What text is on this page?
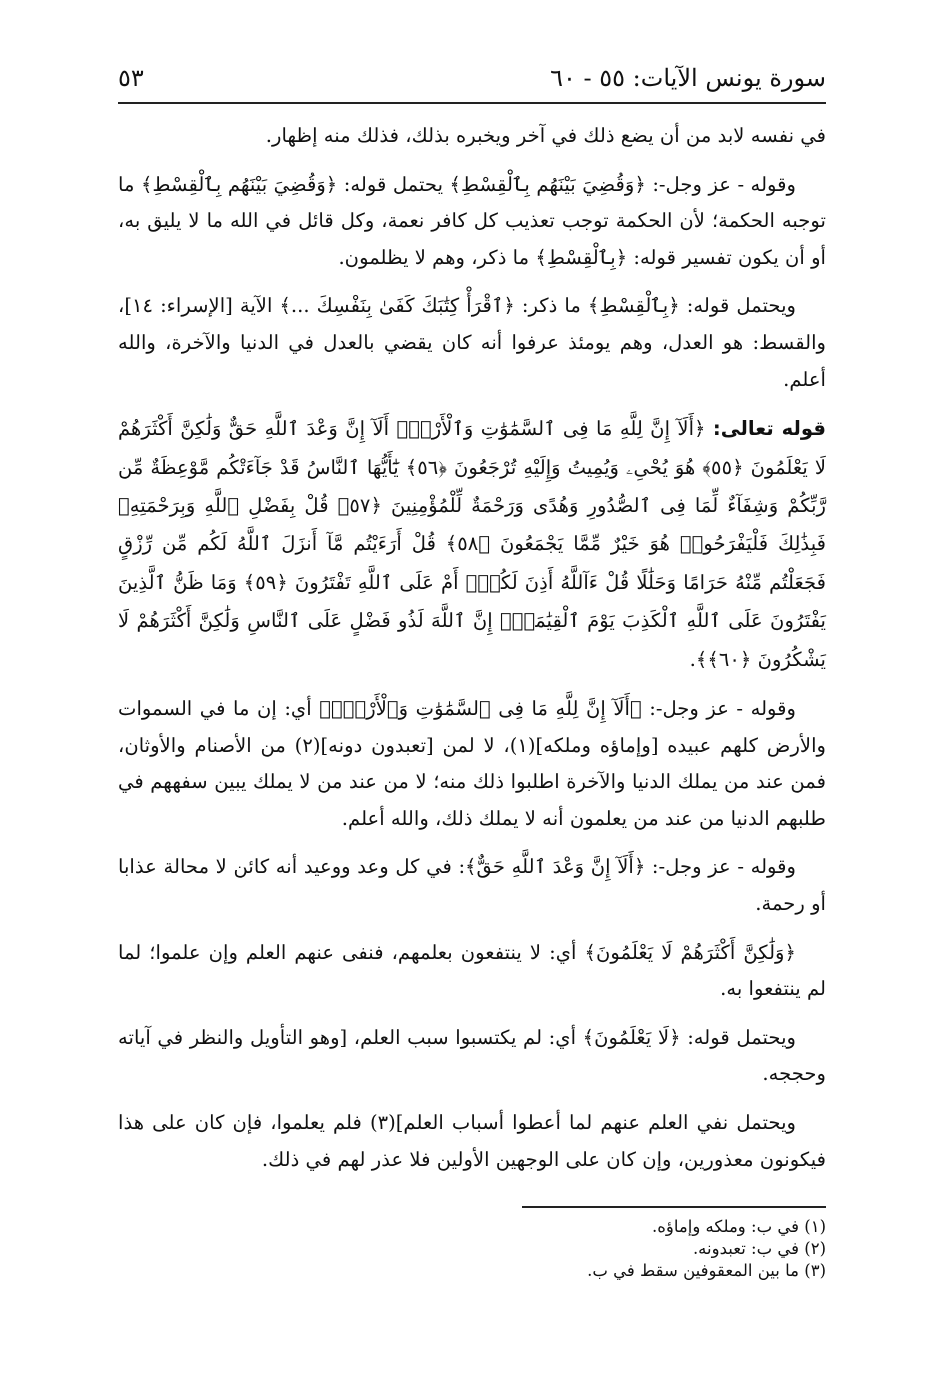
سورة يونس الآيات: ٥٥ - ٦٠
٥٣

في نفسه لابد من أن يضع ذلك في آخر ويخبره بذلك، فذلك منه إظهار.

وقوله - عز وجل-: ﴿وَقُضِيَ بَيْنَهُم بِٱلْقِسْطِ﴾ يحتمل قوله: ﴿وَقُضِيَ بَيْنَهُم بِٱلْقِسْطِ﴾ ما توجبه الحكمة؛ لأن الحكمة توجب تعذيب كل كافر نعمة، وكل قائل في الله ما لا يليق به، أو أن يكون تفسير قوله: ﴿بِٱلْقِسْطِ﴾ ما ذكر، وهم لا يظلمون.

ويحتمل قوله: ﴿بِٱلْقِسْطِ﴾ ما ذكر: ﴿ٱقْرَأْ كِتَٰبَكَ كَفَىٰ بِنَفْسِكَ ...﴾ الآية [الإسراء: ١٤]، والقسط: هو العدل، وهم يومئذ عرفوا أنه كان يقضي بالعدل في الدنيا والآخرة، والله أعلم.

قوله تعالى: ﴿أَلَآ إِنَّ لِلَّهِ مَا فِى ٱلسَّمَٰوَٰتِ وَٱلْأَرْضِۗ أَلَآ إِنَّ وَعْدَ ٱللَّهِ حَقٌّ وَلَٰكِنَّ أَكْثَرَهُمْ لَا يَعْلَمُونَ ﴿٥٥﴾ هُوَ يُحْىِۦ وَيُمِيتُ وَإِلَيْهِ تُرْجَعُونَ ﴿٥٦﴾ يَٰٓأَيُّهَا ٱلنَّاسُ قَدْ جَآءَتْكُم مَّوْعِظَةٌ مِّن رَّبِّكُمْ وَشِفَآءٌ لِّمَا فِى ٱلصُّدُورِ وَهُدًى وَرَحْمَةٌ لِّلْمُؤْمِنِينَ ﴿٥٧﴾ قُلْ بِفَضْلِ ٱللَّهِ وَبِرَحْمَتِهِۦ فَبِذَٰلِكَ فَلْيَفْرَحُوا۟ هُوَ خَيْرٌ مِّمَّا يَجْمَعُونَ ﴿٥٨﴾ قُلْ أَرَءَيْتُم مَّآ أَنزَلَ ٱللَّهُ لَكُم مِّن رِّزْقٍ فَجَعَلْتُم مِّنْهُ حَرَامًا وَحَلَٰلًا قُلْ ءَآللَّهُ أَذِنَ لَكُمْۖ أَمْ عَلَى ٱللَّهِ تَفْتَرُونَ ﴿٥٩﴾ وَمَا ظَنُّ ٱلَّذِينَ يَفْتَرُونَ عَلَى ٱللَّهِ ٱلْكَذِبَ يَوْمَ ٱلْقِيَٰمَةِۗ إِنَّ ٱللَّهَ لَذُو فَضْلٍ عَلَى ٱلنَّاسِ وَلَٰكِنَّ أَكْثَرَهُمْ لَا يَشْكُرُونَ ﴿٦٠﴾﴾.

وقوله - عز وجل-: ﴿أَلَآ إِنَّ لِلَّهِ مَا فِى ٱلسَّمَٰوَٰتِ وَٱلْأَرْضِۗ﴾ أي: إن ما في السموات والأرض كلهم عبيده [وإماؤه وملكه](١)، لا لمن [تعبدون دونه](٢) من الأصنام والأوثان، فمن عند من يملك الدنيا والآخرة اطلبوا ذلك منه؛ لا من عند من لا يملك يبين سفههم في طلبهم الدنيا من عند من يعلمون أنه لا يملك ذلك، والله أعلم.

وقوله - عز وجل-: ﴿أَلَآ إِنَّ وَعْدَ ٱللَّهِ حَقٌّ﴾: في كل وعد ووعيد أنه كائن لا محالة عذابا أو رحمة.

﴿وَلَٰكِنَّ أَكْثَرَهُمْ لَا يَعْلَمُونَ﴾ أي: لا ينتفعون بعلمهم، فنفى عنهم العلم وإن علموا؛ لما لم ينتفعوا به.

ويحتمل قوله: ﴿لَا يَعْلَمُونَ﴾ أي: لم يكتسبوا سبب العلم، [وهو التأويل والنظر في آياته وحججه.

ويحتمل نفي العلم عنهم لما أعطوا أسباب العلم](٣) فلم يعلموا، فإن كان على هذا فيكونون معذورين، وإن كان على الوجهين الأولين فلا عذر لهم في ذلك.

(١) في ب: وملكه وإماؤه.
(٢) في ب: تعبدونه.
(٣) ما بين المعقوفين سقط في ب.
